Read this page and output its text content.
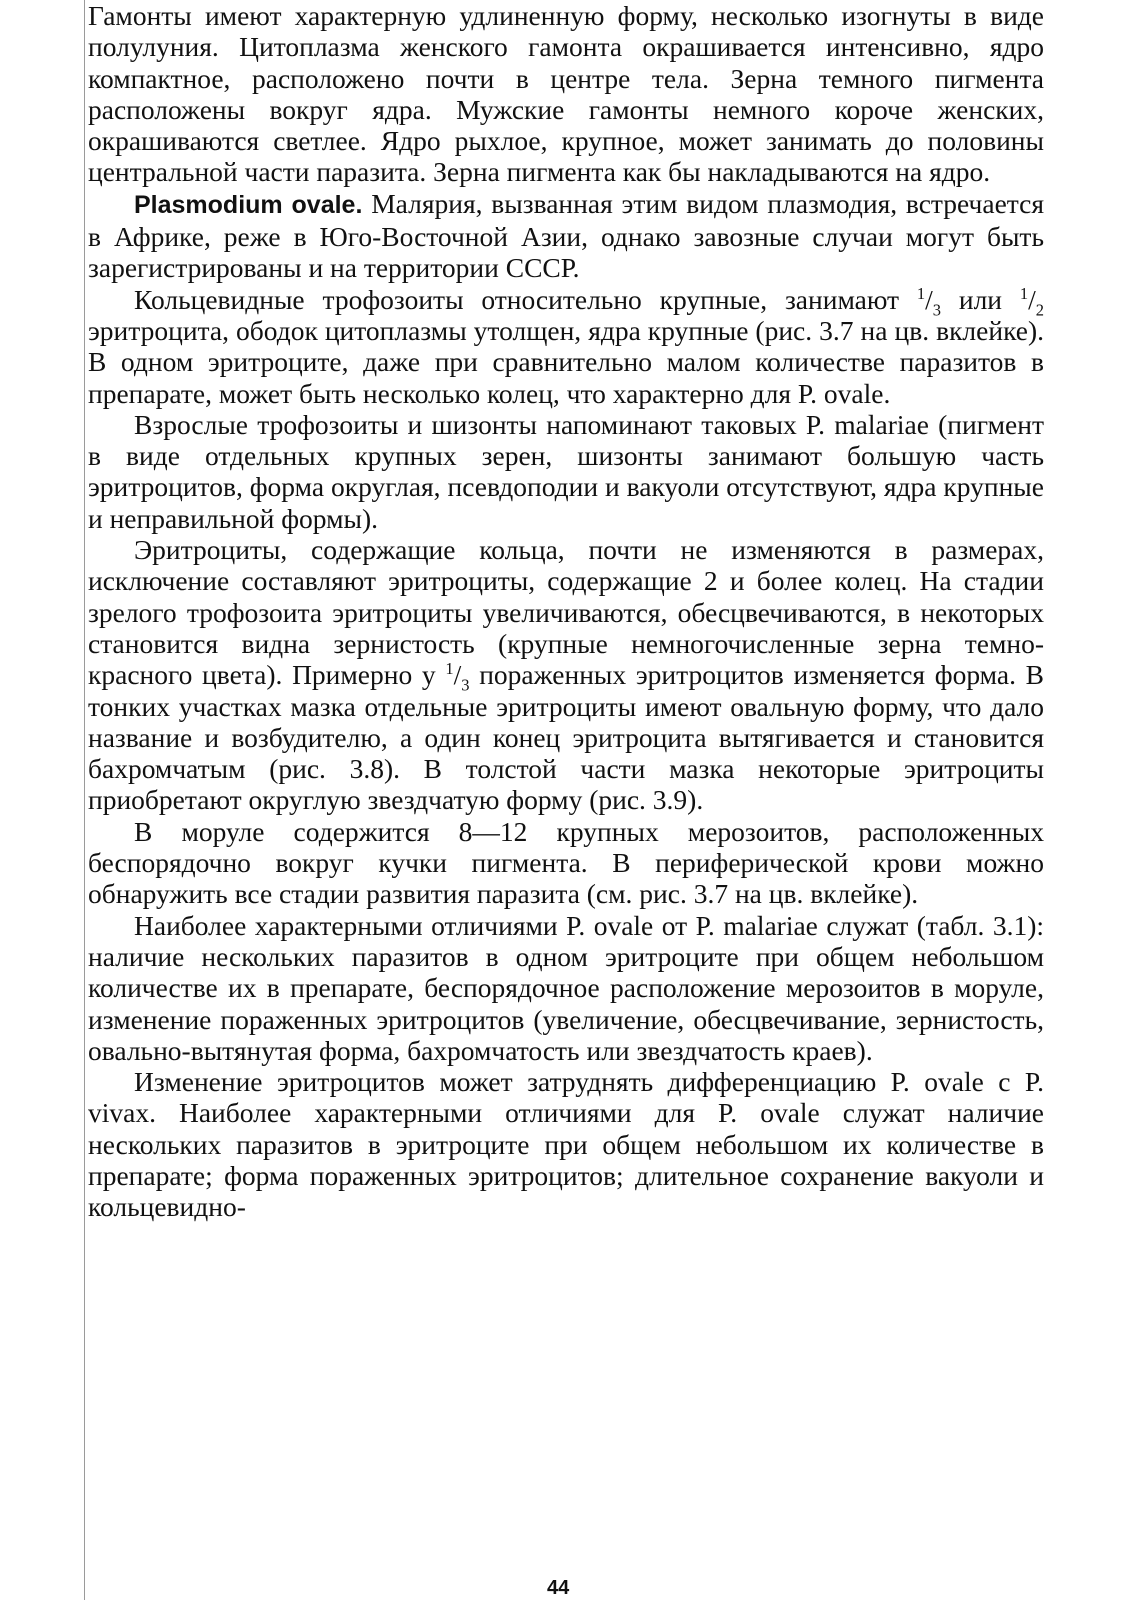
Гамонты имеют характерную удлиненную форму, несколько изогнуты в виде полулуния. Цитоплазма женского гамонта окрашивается интенсивно, ядро компактное, расположено почти в центре тела. Зерна темного пигмента расположены вокруг ядра. Мужские гамонты немного короче женских, окрашиваются светлее. Ядро рыхлое, крупное, может занимать до половины центральной части паразита. Зерна пигмента как бы накладываются на ядро.

Plasmodium ovale. Малярия, вызванная этим видом плазмодия, встречается в Африке, реже в Юго-Восточной Азии, однако завозные случаи могут быть зарегистрированы и на территории СССР.

Кольцевидные трофозоиты относительно крупные, занимают $^1/_3$ или $^1/_2$ эритроцита, ободок цитоплазмы утолщен, ядра крупные (рис. 3.7 на цв. вклейке). В одном эритроците, даже при сравнительно малом количестве паразитов в препарате, может быть несколько колец, что характерно для P. ovale.

Взрослые трофозоиты и шизонты напоминают таковых P. malariae (пигмент в виде отдельных крупных зерен, шизонты занимают большую часть эритроцитов, форма округлая, псевдоподии и вакуоли отсутствуют, ядра крупные и неправильной формы).

Эритроциты, содержащие кольца, почти не изменяются в размерах, исключение составляют эритроциты, содержащие 2 и более колец. На стадии зрелого трофозоита эритроциты увеличиваются, обесцвечиваются, в некоторых становится видна зернистость (крупные немногочисленные зерна темно-красного цвета). Примерно у $^1/_3$ пораженных эритроцитов изменяется форма. В тонких участках мазка отдельные эритроциты имеют овальную форму, что дало название и возбудителю, а один конец эритроцита вытягивается и становится бахромчатым (рис. 3.8). В толстой части мазка некоторые эритроциты приобретают округлую звездчатую форму (рис. 3.9).

В моруле содержится 8—12 крупных мерозоитов, расположенных беспорядочно вокруг кучки пигмента. В периферической крови можно обнаружить все стадии развития паразита (см. рис. 3.7 на цв. вклейке).

Наиболее характерными отличиями P. ovale от P. malariae служат (табл. 3.1): наличие нескольких паразитов в одном эритроците при общем небольшом количестве их в препарате, беспорядочное расположение мерозоитов в моруле, изменение пораженных эритроцитов (увеличение, обесцвечивание, зернистость, овально-вытянутая форма, бахромчатость или звездчатость краев).

Изменение эритроцитов может затруднять дифференциацию P. ovale с P. vivax. Наиболее характерными отличиями для P. ovale служат наличие нескольких паразитов в эритроците при общем небольшом их количестве в препарате; форма пораженных эритроцитов; длительное сохранение вакуоли и кольцевидно-

44
